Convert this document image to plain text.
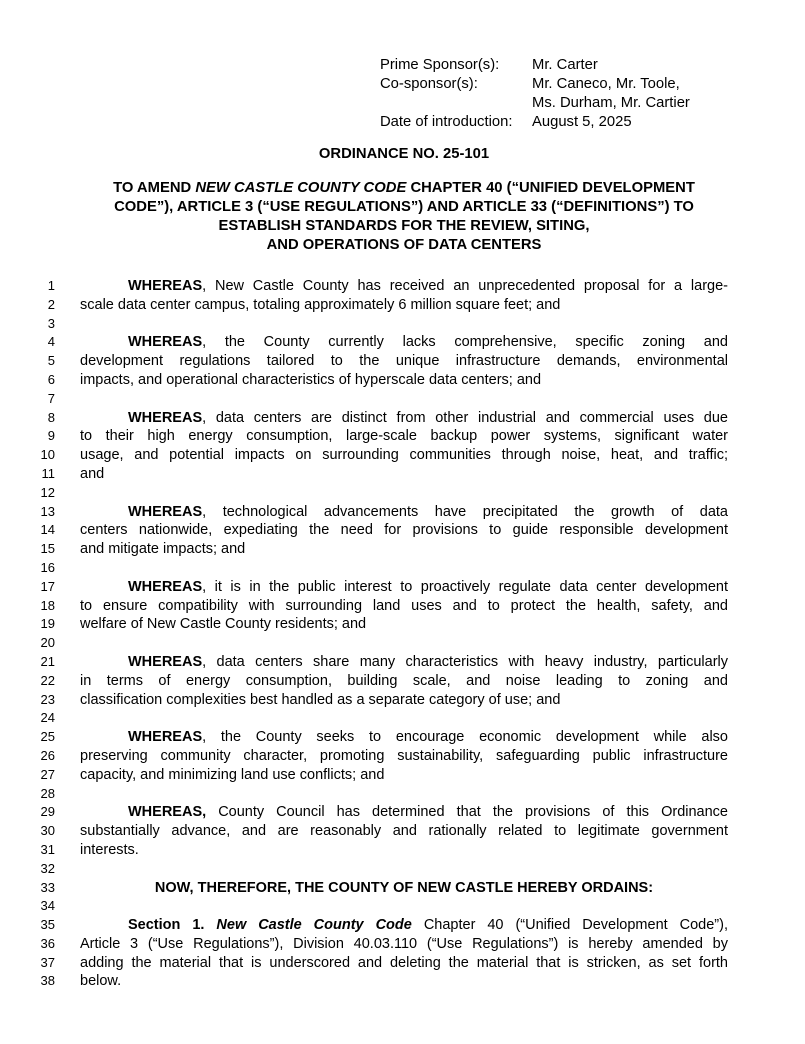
Prime Sponsor(s):	Mr. Carter
Co-sponsor(s):	Mr. Caneco, Mr. Toole,
Ms. Durham, Mr. Cartier
Date of introduction:	August 5, 2025
ORDINANCE NO. 25-101
TO AMEND NEW CASTLE COUNTY CODE CHAPTER 40 (“UNIFIED DEVELOPMENT
CODE”), ARTICLE 3 (“USE REGULATIONS”) AND ARTICLE 33 (“DEFINITIONS”) TO
ESTABLISH STANDARDS FOR THE REVIEW, SITING,
AND OPERATIONS OF DATA CENTERS
1	WHEREAS, New Castle County has received an unprecedented proposal for a large-
2 scale data center campus, totaling approximately 6 million square feet; and
3
4	WHEREAS, the County currently lacks comprehensive, specific zoning and
5 development regulations tailored to the unique infrastructure demands, environmental
6 impacts, and operational characteristics of hyperscale data centers; and
7
8	WHEREAS, data centers are distinct from other industrial and commercial uses due
9 to their high energy consumption, large-scale backup power systems, significant water
10 usage, and potential impacts on surrounding communities through noise, heat, and traffic;
11 and
12
13	WHEREAS, technological advancements have precipitated the growth of data
14 centers nationwide, expediating the need for provisions to guide responsible development
15 and mitigate impacts; and
16
17	WHEREAS, it is in the public interest to proactively regulate data center development
18 to ensure compatibility with surrounding land uses and to protect the health, safety, and
19 welfare of New Castle County residents; and
20
21	WHEREAS, data centers share many characteristics with heavy industry, particularly
22 in terms of energy consumption, building scale, and noise leading to zoning and
23 classification complexities best handled as a separate category of use; and
24
25	WHEREAS, the County seeks to encourage economic development while also
26 preserving community character, promoting sustainability, safeguarding public infrastructure
27 capacity, and minimizing land use conflicts; and
28
29	WHEREAS, County Council has determined that the provisions of this Ordinance
30 substantially advance, and are reasonably and rationally related to legitimate government
31 interests.
32
33	NOW, THEREFORE, THE COUNTY OF NEW CASTLE HEREBY ORDAINS:
34
35	Section 1. New Castle County Code Chapter 40 (“Unified Development Code”),
36 Article 3 (“Use Regulations”), Division 40.03.110 (“Use Regulations”) is hereby amended by
37 adding the material that is underscored and deleting the material that is stricken, as set forth
38 below.
